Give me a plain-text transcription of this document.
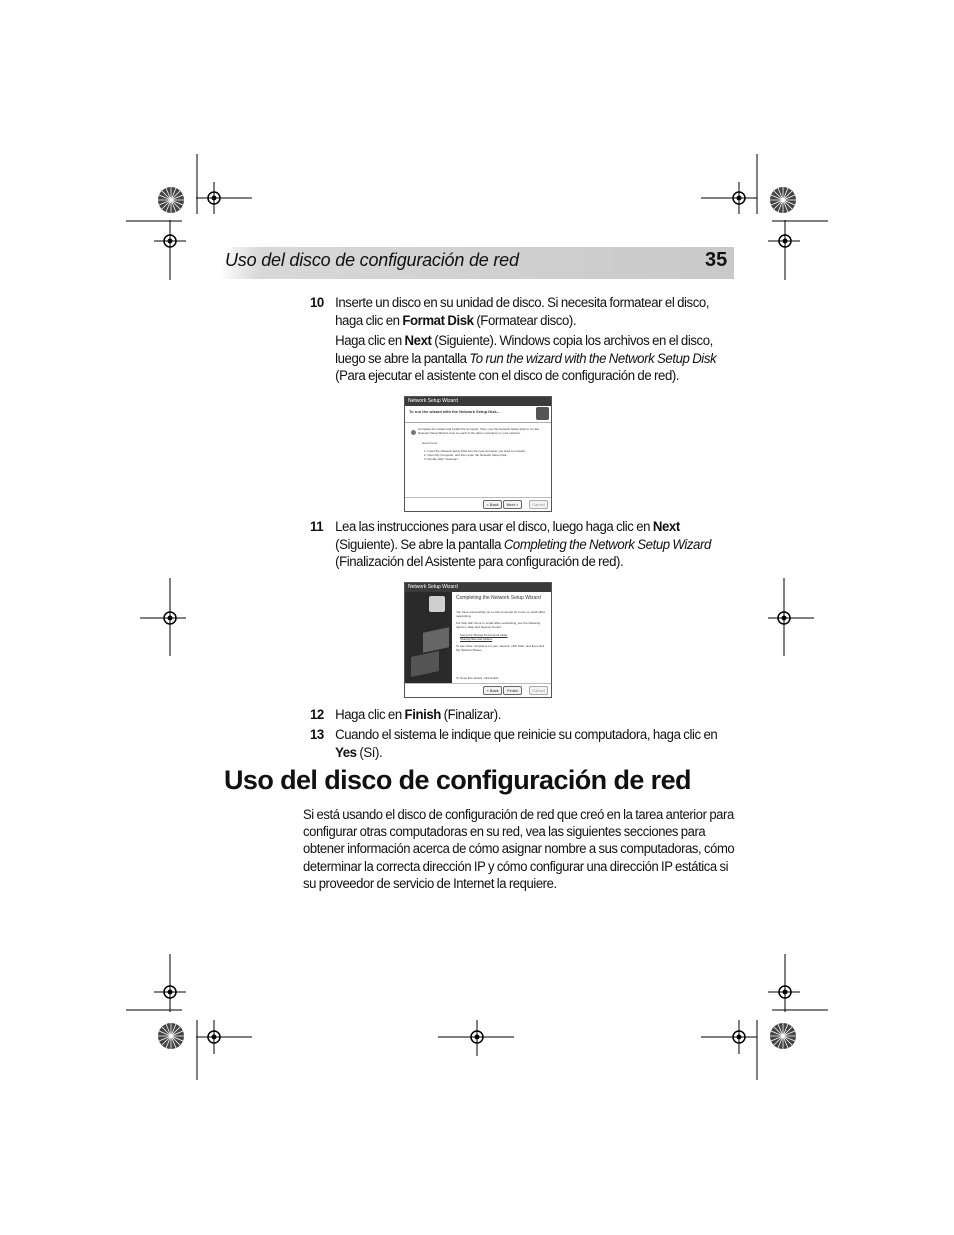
Uso del disco de configuración de red	35
10 Inserte un disco en su unidad de disco. Si necesita formatear el disco, haga clic en Format Disk (Formatear disco).
Haga clic en Next (Siguiente). Windows copia los archivos en el disco, luego se abre la pantalla To run the wizard with the Network Setup Disk (Para ejecutar el asistente con el disco de configuración de red).
Network Setup Wizard
To run the wizard with the Network Setup Disk...
Complete the wizard and install this computer. Then, use the Network Setup Disk to run the Network Setup Wizard once on each of the other computers on your network.
Here's how:
1. Insert the Network Setup Disk into the next computer you want to network.
2. Open My Computer, and then open the Network Setup Disk.
3. Double-click "netsetup."
< Back	Next >	Cancel
11 Lea las instrucciones para usar el disco, luego haga clic en Next (Siguiente). Se abre la pantalla Completing the Network Setup Wizard (Finalización del Asistente para configuración de red).
Network Setup Wizard
Completing the Network Setup Wizard
You have successfully set up this computer for home or small office networking.
For help with home or small office networking, see the following topics in Help and Support Center:
Using the Shared Documents folder
Sharing files and folders
To see other computers on your network, click Start, and then click My Network Places.
To close this wizard, click Finish.
< Back	Finish	Cancel
12 Haga clic en Finish (Finalizar).
13 Cuando el sistema le indique que reinicie su computadora, haga clic en Yes (Sí).
Uso del disco de configuración de red
Si está usando el disco de configuración de red que creó en la tarea anterior para configurar otras computadoras en su red, vea las siguientes secciones para obtener información acerca de cómo asignar nombre a sus computadoras, cómo determinar la correcta dirección IP y cómo configurar una dirección IP estática si su proveedor de servicio de Internet la requiere.
